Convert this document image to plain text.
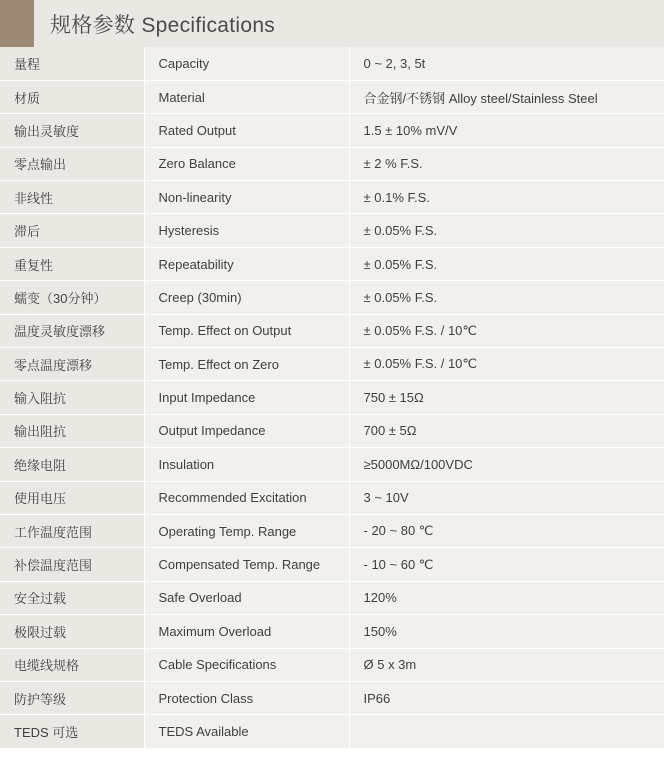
规格参数 Specifications
量程	Capacity	0 ~ 2, 3, 5t
材质	Material	合金钢/不锈钢 Alloy steel/Stainless Steel
输出灵敏度	Rated Output	1.5 ± 10% mV/V
零点输出	Zero Balance	± 2 % F.S.
非线性	Non-linearity	± 0.1% F.S.
滞后	Hysteresis	± 0.05% F.S.
重复性	Repeatability	± 0.05% F.S.
蠕变（30分钟）	Creep (30min)	± 0.05% F.S.
温度灵敏度漂移	Temp. Effect on Output	± 0.05% F.S. / 10℃
零点温度漂移	Temp. Effect on Zero	± 0.05% F.S. / 10℃
输入阻抗	Input Impedance	750 ± 15Ω
输出阻抗	Output Impedance	700 ± 5Ω
绝缘电阻	Insulation	≥5000MΩ/100VDC
使用电压	Recommended Excitation	3 ~ 10V
工作温度范围	Operating Temp. Range	- 20 ~ 80 ℃
补偿温度范围	Compensated Temp. Range	- 10 ~ 60 ℃
安全过载	Safe Overload	120%
极限过载	Maximum Overload	150%
电缆线规格	Cable Specifications	Ø 5 x 3m
防护等级	Protection Class	IP66
TEDS 可选	TEDS Available	
